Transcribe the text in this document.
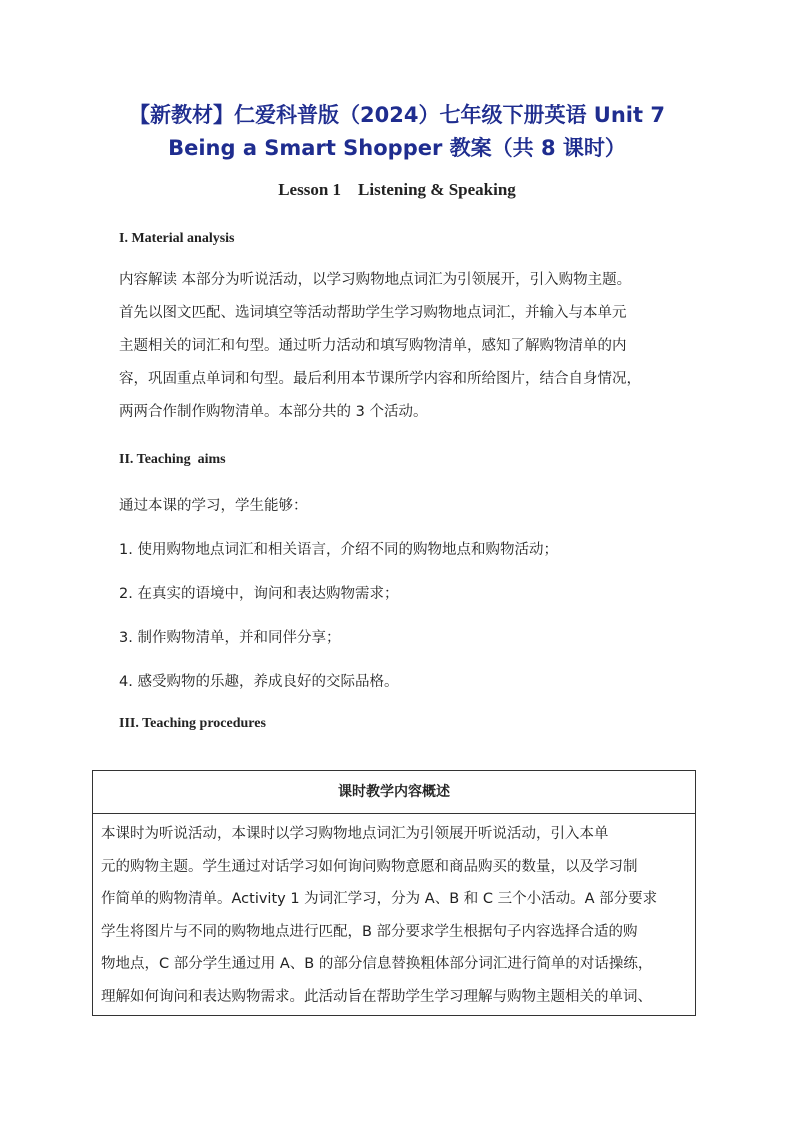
【新教材】仁爱科普版（2024）七年级下册英语 Unit 7
Being a Smart Shopper 教案（共 8 课时）
Lesson 1    Listening & Speaking
I. Material analysis
内容解读 本部分为听说活动，以学习购物地点词汇为引领展开，引入购物主题。
首先以图文匹配、选词填空等活动帮助学生学习购物地点词汇，并输入与本单元
主题相关的词汇和句型。通过听力活动和填写购物清单，感知了解购物清单的内
容，巩固重点单词和句型。最后利用本节课所学内容和所给图片，结合自身情况，
两两合作制作购物清单。本部分共的 3 个活动。
II. Teaching  aims
通过本课的学习，学生能够：
1. 使用购物地点词汇和相关语言，介绍不同的购物地点和购物活动；
2. 在真实的语境中，询问和表达购物需求；
3. 制作购物清单，并和同伴分享；
4. 感受购物的乐趣，养成良好的交际品格。
III. Teaching procedures
课时教学内容概述
本课时为听说活动，本课时以学习购物地点词汇为引领展开听说活动，引入本单
元的购物主题。学生通过对话学习如何询问购物意愿和商品购买的数量，以及学习制
作简单的购物清单。Activity 1 为词汇学习，分为 A、B 和 C 三个小活动。A 部分要求
学生将图片与不同的购物地点进行匹配，B 部分要求学生根据句子内容选择合适的购
物地点，C 部分学生通过用 A、B 的部分信息替换粗体部分词汇进行简单的对话操练，
理解如何询问和表达购物需求。此活动旨在帮助学生学习理解与购物主题相关的单词、
